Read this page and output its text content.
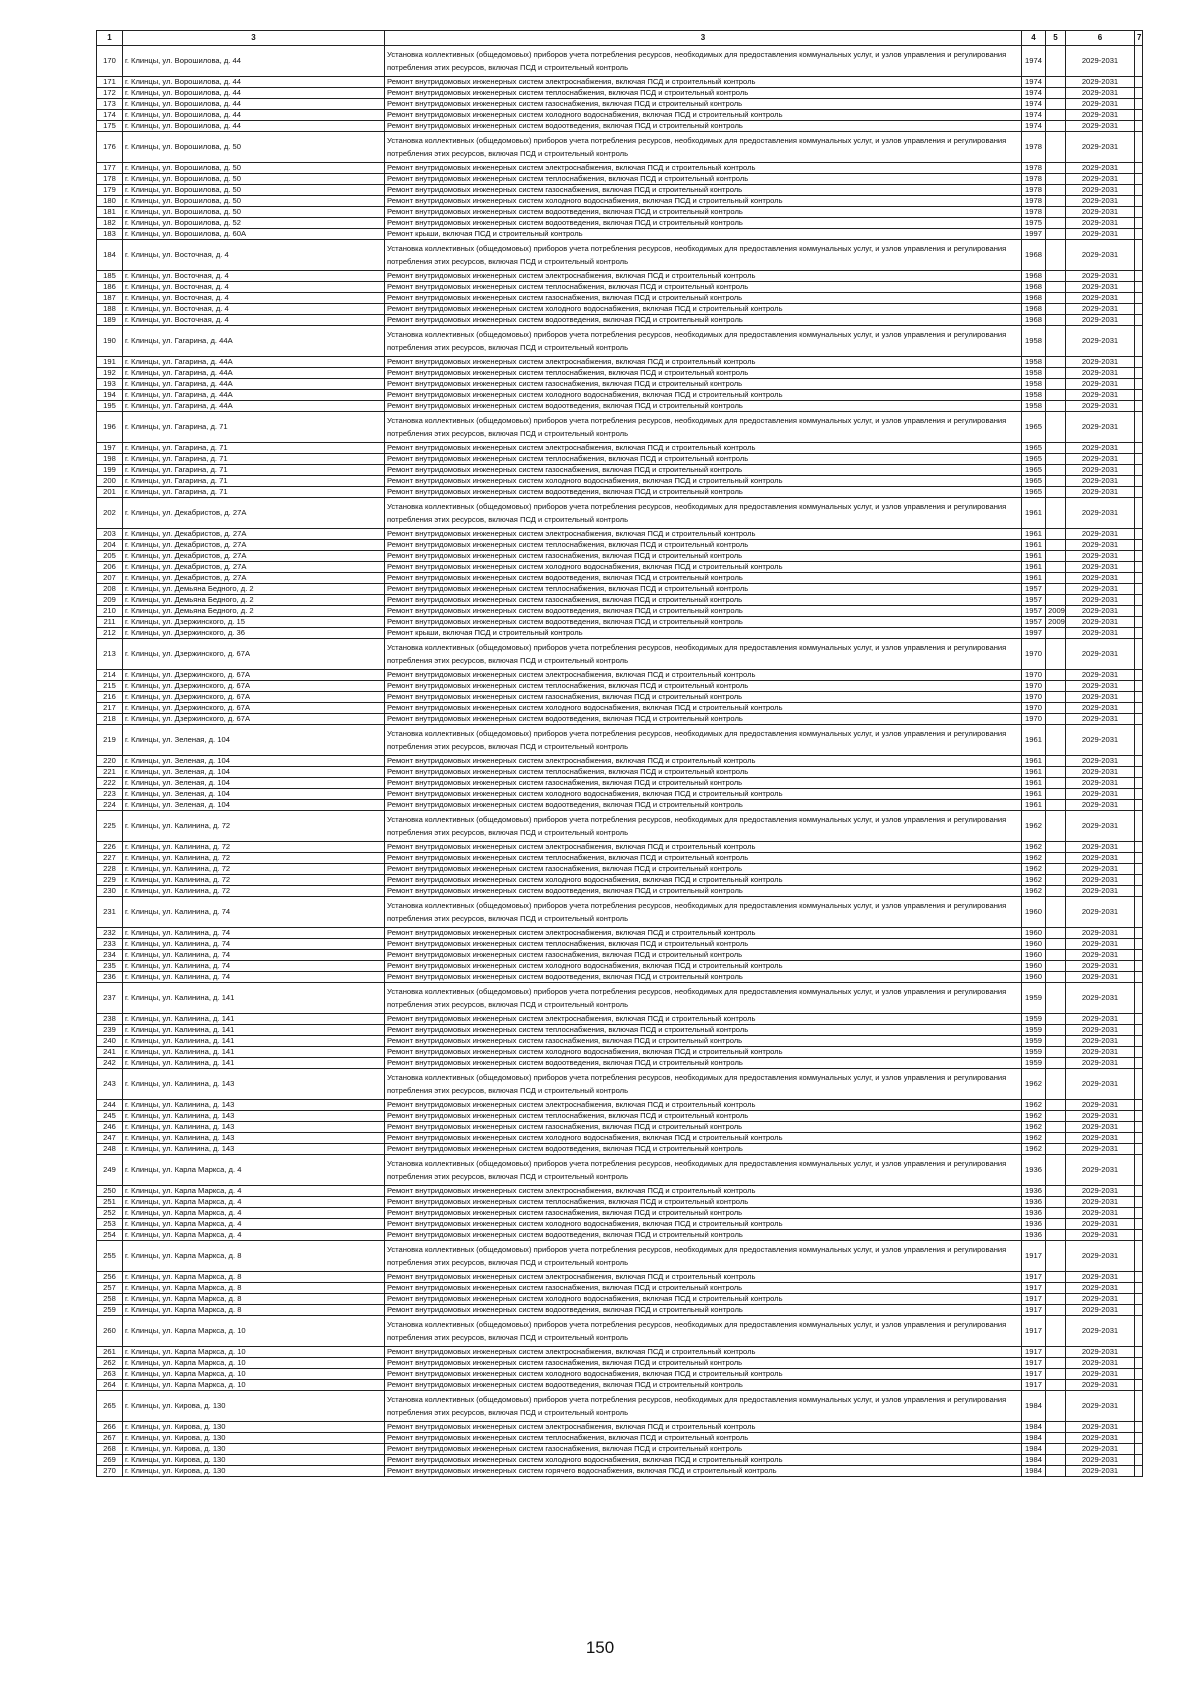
1	3	3	4	5	6	7
170	г. Клинцы, ул. Ворошилова, д. 44	Установка коллективных (общедомовых) приборов учета потребления ресурсов, необходимых для предоставления коммунальных услуг, и узлов управления и регулирования потребления этих ресурсов, включая ПСД и строительный контроль	1974		2029-2031	
171	г. Клинцы, ул. Ворошилова, д. 44	Ремонт внутридомовых инженерных систем электроснабжения, включая ПСД и строительный контроль	1974		2029-2031	
172	г. Клинцы, ул. Ворошилова, д. 44	Ремонт внутридомовых инженерных систем теплоснабжения, включая ПСД и строительный контроль	1974		2029-2031	
173	г. Клинцы, ул. Ворошилова, д. 44	Ремонт внутридомовых инженерных систем газоснабжения, включая ПСД и строительный контроль	1974		2029-2031	
174	г. Клинцы, ул. Ворошилова, д. 44	Ремонт внутридомовых инженерных систем холодного водоснабжения, включая ПСД и строительный контроль	1974		2029-2031	
175	г. Клинцы, ул. Ворошилова, д. 44	Ремонт внутридомовых инженерных систем водоотведения, включая ПСД и строительный контроль	1974		2029-2031	
176	г. Клинцы, ул. Ворошилова, д. 50	Установка коллективных (общедомовых) приборов учета потребления ресурсов, необходимых для предоставления коммунальных услуг, и узлов управления и регулирования потребления этих ресурсов, включая ПСД и строительный контроль	1978		2029-2031	
177	г. Клинцы, ул. Ворошилова, д. 50	Ремонт внутридомовых инженерных систем электроснабжения, включая ПСД и строительный контроль	1978		2029-2031	
178	г. Клинцы, ул. Ворошилова, д. 50	Ремонт внутридомовых инженерных систем теплоснабжения, включая ПСД и строительный контроль	1978		2029-2031	
179	г. Клинцы, ул. Ворошилова, д. 50	Ремонт внутридомовых инженерных систем газоснабжения, включая ПСД и строительный контроль	1978		2029-2031	
180	г. Клинцы, ул. Ворошилова, д. 50	Ремонт внутридомовых инженерных систем холодного водоснабжения, включая ПСД и строительный контроль	1978		2029-2031	
181	г. Клинцы, ул. Ворошилова, д. 50	Ремонт внутридомовых инженерных систем водоотведения, включая ПСД и строительный контроль	1978		2029-2031	
182	г. Клинцы, ул. Ворошилова, д. 52	Ремонт внутридомовых инженерных систем водоотведения, включая ПСД и строительный контроль	1975		2029-2031	
183	г. Клинцы, ул. Ворошилова, д. 60А	Ремонт крыши, включая ПСД и строительный контроль	1997		2029-2031	
184	г. Клинцы, ул. Восточная, д. 4	Установка коллективных (общедомовых) приборов учета потребления ресурсов, необходимых для предоставления коммунальных услуг, и узлов управления и регулирования потребления этих ресурсов, включая ПСД и строительный контроль	1968		2029-2031	
185	г. Клинцы, ул. Восточная, д. 4	Ремонт внутридомовых инженерных систем электроснабжения, включая ПСД и строительный контроль	1968		2029-2031	
186	г. Клинцы, ул. Восточная, д. 4	Ремонт внутридомовых инженерных систем теплоснабжения, включая ПСД и строительный контроль	1968		2029-2031	
187	г. Клинцы, ул. Восточная, д. 4	Ремонт внутридомовых инженерных систем газоснабжения, включая ПСД и строительный контроль	1968		2029-2031	
188	г. Клинцы, ул. Восточная, д. 4	Ремонт внутридомовых инженерных систем холодного водоснабжения, включая ПСД и строительный контроль	1968		2029-2031	
189	г. Клинцы, ул. Восточная, д. 4	Ремонт внутридомовых инженерных систем водоотведения, включая ПСД и строительный контроль	1968		2029-2031	
190	г. Клинцы, ул. Гагарина, д. 44А	Установка коллективных (общедомовых) приборов учета потребления ресурсов, необходимых для предоставления коммунальных услуг, и узлов управления и регулирования потребления этих ресурсов, включая ПСД и строительный контроль	1958		2029-2031	
191	г. Клинцы, ул. Гагарина, д. 44А	Ремонт внутридомовых инженерных систем электроснабжения, включая ПСД и строительный контроль	1958		2029-2031	
192	г. Клинцы, ул. Гагарина, д. 44А	Ремонт внутридомовых инженерных систем теплоснабжения, включая ПСД и строительный контроль	1958		2029-2031	
193	г. Клинцы, ул. Гагарина, д. 44А	Ремонт внутридомовых инженерных систем газоснабжения, включая ПСД и строительный контроль	1958		2029-2031	
194	г. Клинцы, ул. Гагарина, д. 44А	Ремонт внутридомовых инженерных систем холодного водоснабжения, включая ПСД и строительный контроль	1958		2029-2031	
195	г. Клинцы, ул. Гагарина, д. 44А	Ремонт внутридомовых инженерных систем водоотведения, включая ПСД и строительный контроль	1958		2029-2031	
196	г. Клинцы, ул. Гагарина, д. 71	Установка коллективных (общедомовых) приборов учета потребления ресурсов, необходимых для предоставления коммунальных услуг, и узлов управления и регулирования потребления этих ресурсов, включая ПСД и строительный контроль	1965		2029-2031	
197	г. Клинцы, ул. Гагарина, д. 71	Ремонт внутридомовых инженерных систем электроснабжения, включая ПСД и строительный контроль	1965		2029-2031	
198	г. Клинцы, ул. Гагарина, д. 71	Ремонт внутридомовых инженерных систем теплоснабжения, включая ПСД и строительный контроль	1965		2029-2031	
199	г. Клинцы, ул. Гагарина, д. 71	Ремонт внутридомовых инженерных систем газоснабжения, включая ПСД и строительный контроль	1965		2029-2031	
200	г. Клинцы, ул. Гагарина, д. 71	Ремонт внутридомовых инженерных систем холодного водоснабжения, включая ПСД и строительный контроль	1965		2029-2031	
201	г. Клинцы, ул. Гагарина, д. 71	Ремонт внутридомовых инженерных систем водоотведения, включая ПСД и строительный контроль	1965		2029-2031	
202	г. Клинцы, ул. Декабристов, д. 27А	Установка коллективных (общедомовых) приборов учета потребления ресурсов, необходимых для предоставления коммунальных услуг, и узлов управления и регулирования потребления этих ресурсов, включая ПСД и строительный контроль	1961		2029-2031	
203	г. Клинцы, ул. Декабристов, д. 27А	Ремонт внутридомовых инженерных систем электроснабжения, включая ПСД и строительный контроль	1961		2029-2031	
204	г. Клинцы, ул. Декабристов, д. 27А	Ремонт внутридомовых инженерных систем теплоснабжения, включая ПСД и строительный контроль	1961		2029-2031	
205	г. Клинцы, ул. Декабристов, д. 27А	Ремонт внутридомовых инженерных систем газоснабжения, включая ПСД и строительный контроль	1961		2029-2031	
206	г. Клинцы, ул. Декабристов, д. 27А	Ремонт внутридомовых инженерных систем холодного водоснабжения, включая ПСД и строительный контроль	1961		2029-2031	
207	г. Клинцы, ул. Декабристов, д. 27А	Ремонт внутридомовых инженерных систем водоотведения, включая ПСД и строительный контроль	1961		2029-2031	
208	г. Клинцы, ул. Демьяна Бедного, д. 2	Ремонт внутридомовых инженерных систем теплоснабжения, включая ПСД и строительный контроль	1957		2029-2031	
209	г. Клинцы, ул. Демьяна Бедного, д. 2	Ремонт внутридомовых инженерных систем газоснабжения, включая ПСД и строительный контроль	1957		2029-2031	
210	г. Клинцы, ул. Демьяна Бедного, д. 2	Ремонт внутридомовых инженерных систем водоотведения, включая ПСД и строительный контроль	1957	2009	2029-2031	
211	г. Клинцы, ул. Дзержинского, д. 15	Ремонт внутридомовых инженерных систем водоотведения, включая ПСД и строительный контроль	1957	2009	2029-2031	
212	г. Клинцы, ул. Дзержинского, д. 36	Ремонт крыши, включая ПСД и строительный контроль	1997		2029-2031	
213	г. Клинцы, ул. Дзержинского, д. 67А	Установка коллективных (общедомовых) приборов учета потребления ресурсов, необходимых для предоставления коммунальных услуг, и узлов управления и регулирования потребления этих ресурсов, включая ПСД и строительный контроль	1970		2029-2031	
214	г. Клинцы, ул. Дзержинского, д. 67А	Ремонт внутридомовых инженерных систем электроснабжения, включая ПСД и строительный контроль	1970		2029-2031	
215	г. Клинцы, ул. Дзержинского, д. 67А	Ремонт внутридомовых инженерных систем теплоснабжения, включая ПСД и строительный контроль	1970		2029-2031	
216	г. Клинцы, ул. Дзержинского, д. 67А	Ремонт внутридомовых инженерных систем газоснабжения, включая ПСД и строительный контроль	1970		2029-2031	
217	г. Клинцы, ул. Дзержинского, д. 67А	Ремонт внутридомовых инженерных систем холодного водоснабжения, включая ПСД и строительный контроль	1970		2029-2031	
218	г. Клинцы, ул. Дзержинского, д. 67А	Ремонт внутридомовых инженерных систем водоотведения, включая ПСД и строительный контроль	1970		2029-2031	
219	г. Клинцы, ул. Зеленая, д. 104	Установка коллективных (общедомовых) приборов учета потребления ресурсов, необходимых для предоставления коммунальных услуг, и узлов управления и регулирования потребления этих ресурсов, включая ПСД и строительный контроль	1961		2029-2031	
220	г. Клинцы, ул. Зеленая, д. 104	Ремонт внутридомовых инженерных систем электроснабжения, включая ПСД и строительный контроль	1961		2029-2031	
221	г. Клинцы, ул. Зеленая, д. 104	Ремонт внутридомовых инженерных систем теплоснабжения, включая ПСД и строительный контроль	1961		2029-2031	
222	г. Клинцы, ул. Зеленая, д. 104	Ремонт внутридомовых инженерных систем газоснабжения, включая ПСД и строительный контроль	1961		2029-2031	
223	г. Клинцы, ул. Зеленая, д. 104	Ремонт внутридомовых инженерных систем холодного водоснабжения, включая ПСД и строительный контроль	1961		2029-2031	
224	г. Клинцы, ул. Зеленая, д. 104	Ремонт внутридомовых инженерных систем водоотведения, включая ПСД и строительный контроль	1961		2029-2031	
225	г. Клинцы, ул. Калинина, д. 72	Установка коллективных (общедомовых) приборов учета потребления ресурсов, необходимых для предоставления коммунальных услуг, и узлов управления и регулирования потребления этих ресурсов, включая ПСД и строительный контроль	1962		2029-2031	
226	г. Клинцы, ул. Калинина, д. 72	Ремонт внутридомовых инженерных систем электроснабжения, включая ПСД и строительный контроль	1962		2029-2031	
227	г. Клинцы, ул. Калинина, д. 72	Ремонт внутридомовых инженерных систем теплоснабжения, включая ПСД и строительный контроль	1962		2029-2031	
228	г. Клинцы, ул. Калинина, д. 72	Ремонт внутридомовых инженерных систем газоснабжения, включая ПСД и строительный контроль	1962		2029-2031	
229	г. Клинцы, ул. Калинина, д. 72	Ремонт внутридомовых инженерных систем холодного водоснабжения, включая ПСД и строительный контроль	1962		2029-2031	
230	г. Клинцы, ул. Калинина, д. 72	Ремонт внутридомовых инженерных систем водоотведения, включая ПСД и строительный контроль	1962		2029-2031	
231	г. Клинцы, ул. Калинина, д. 74	Установка коллективных (общедомовых) приборов учета потребления ресурсов, необходимых для предоставления коммунальных услуг, и узлов управления и регулирования потребления этих ресурсов, включая ПСД и строительный контроль	1960		2029-2031	
232	г. Клинцы, ул. Калинина, д. 74	Ремонт внутридомовых инженерных систем электроснабжения, включая ПСД и строительный контроль	1960		2029-2031	
233	г. Клинцы, ул. Калинина, д. 74	Ремонт внутридомовых инженерных систем теплоснабжения, включая ПСД и строительный контроль	1960		2029-2031	
234	г. Клинцы, ул. Калинина, д. 74	Ремонт внутридомовых инженерных систем газоснабжения, включая ПСД и строительный контроль	1960		2029-2031	
235	г. Клинцы, ул. Калинина, д. 74	Ремонт внутридомовых инженерных систем холодного водоснабжения, включая ПСД и строительный контроль	1960		2029-2031	
236	г. Клинцы, ул. Калинина, д. 74	Ремонт внутридомовых инженерных систем водоотведения, включая ПСД и строительный контроль	1960		2029-2031	
237	г. Клинцы, ул. Калинина, д. 141	Установка коллективных (общедомовых) приборов учета потребления ресурсов, необходимых для предоставления коммунальных услуг, и узлов управления и регулирования потребления этих ресурсов, включая ПСД и строительный контроль	1959		2029-2031	
238	г. Клинцы, ул. Калинина, д. 141	Ремонт внутридомовых инженерных систем электроснабжения, включая ПСД и строительный контроль	1959		2029-2031	
239	г. Клинцы, ул. Калинина, д. 141	Ремонт внутридомовых инженерных систем теплоснабжения, включая ПСД и строительный контроль	1959		2029-2031	
240	г. Клинцы, ул. Калинина, д. 141	Ремонт внутридомовых инженерных систем газоснабжения, включая ПСД и строительный контроль	1959		2029-2031	
241	г. Клинцы, ул. Калинина, д. 141	Ремонт внутридомовых инженерных систем холодного водоснабжения, включая ПСД и строительный контроль	1959		2029-2031	
242	г. Клинцы, ул. Калинина, д. 141	Ремонт внутридомовых инженерных систем водоотведения, включая ПСД и строительный контроль	1959		2029-2031	
243	г. Клинцы, ул. Калинина, д. 143	Установка коллективных (общедомовых) приборов учета потребления ресурсов, необходимых для предоставления коммунальных услуг, и узлов управления и регулирования потребления этих ресурсов, включая ПСД и строительный контроль	1962		2029-2031	
244	г. Клинцы, ул. Калинина, д. 143	Ремонт внутридомовых инженерных систем электроснабжения, включая ПСД и строительный контроль	1962		2029-2031	
245	г. Клинцы, ул. Калинина, д. 143	Ремонт внутридомовых инженерных систем теплоснабжения, включая ПСД и строительный контроль	1962		2029-2031	
246	г. Клинцы, ул. Калинина, д. 143	Ремонт внутридомовых инженерных систем газоснабжения, включая ПСД и строительный контроль	1962		2029-2031	
247	г. Клинцы, ул. Калинина, д. 143	Ремонт внутридомовых инженерных систем холодного водоснабжения, включая ПСД и строительный контроль	1962		2029-2031	
248	г. Клинцы, ул. Калинина, д. 143	Ремонт внутридомовых инженерных систем водоотведения, включая ПСД и строительный контроль	1962		2029-2031	
249	г. Клинцы, ул. Карла Маркса, д. 4	Установка коллективных (общедомовых) приборов учета потребления ресурсов, необходимых для предоставления коммунальных услуг, и узлов управления и регулирования потребления этих ресурсов, включая ПСД и строительный контроль	1936		2029-2031	
250	г. Клинцы, ул. Карла Маркса, д. 4	Ремонт внутридомовых инженерных систем электроснабжения, включая ПСД и строительный контроль	1936		2029-2031	
251	г. Клинцы, ул. Карла Маркса, д. 4	Ремонт внутридомовых инженерных систем теплоснабжения, включая ПСД и строительный контроль	1936		2029-2031	
252	г. Клинцы, ул. Карла Маркса, д. 4	Ремонт внутридомовых инженерных систем газоснабжения, включая ПСД и строительный контроль	1936		2029-2031	
253	г. Клинцы, ул. Карла Маркса, д. 4	Ремонт внутридомовых инженерных систем холодного водоснабжения, включая ПСД и строительный контроль	1936		2029-2031	
254	г. Клинцы, ул. Карла Маркса, д. 4	Ремонт внутридомовых инженерных систем водоотведения, включая ПСД и строительный контроль	1936		2029-2031	
255	г. Клинцы, ул. Карла Маркса, д. 8	Установка коллективных (общедомовых) приборов учета потребления ресурсов, необходимых для предоставления коммунальных услуг, и узлов управления и регулирования потребления этих ресурсов, включая ПСД и строительный контроль	1917		2029-2031	
256	г. Клинцы, ул. Карла Маркса, д. 8	Ремонт внутридомовых инженерных систем электроснабжения, включая ПСД и строительный контроль	1917		2029-2031	
257	г. Клинцы, ул. Карла Маркса, д. 8	Ремонт внутридомовых инженерных систем газоснабжения, включая ПСД и строительный контроль	1917		2029-2031	
258	г. Клинцы, ул. Карла Маркса, д. 8	Ремонт внутридомовых инженерных систем холодного водоснабжения, включая ПСД и строительный контроль	1917		2029-2031	
259	г. Клинцы, ул. Карла Маркса, д. 8	Ремонт внутридомовых инженерных систем водоотведения, включая ПСД и строительный контроль	1917		2029-2031	
260	г. Клинцы, ул. Карла Маркса, д. 10	Установка коллективных (общедомовых) приборов учета потребления ресурсов, необходимых для предоставления коммунальных услуг, и узлов управления и регулирования потребления этих ресурсов, включая ПСД и строительный контроль	1917		2029-2031	
261	г. Клинцы, ул. Карла Маркса, д. 10	Ремонт внутридомовых инженерных систем электроснабжения, включая ПСД и строительный контроль	1917		2029-2031	
262	г. Клинцы, ул. Карла Маркса, д. 10	Ремонт внутридомовых инженерных систем газоснабжения, включая ПСД и строительный контроль	1917		2029-2031	
263	г. Клинцы, ул. Карла Маркса, д. 10	Ремонт внутридомовых инженерных систем холодного водоснабжения, включая ПСД и строительный контроль	1917		2029-2031	
264	г. Клинцы, ул. Карла Маркса, д. 10	Ремонт внутридомовых инженерных систем водоотведения, включая ПСД и строительный контроль	1917		2029-2031	
265	г. Клинцы, ул. Кирова, д. 130	Установка коллективных (общедомовых) приборов учета потребления ресурсов, необходимых для предоставления коммунальных услуг, и узлов управления и регулирования потребления этих ресурсов, включая ПСД и строительный контроль	1984		2029-2031	
266	г. Клинцы, ул. Кирова, д. 130	Ремонт внутридомовых инженерных систем электроснабжения, включая ПСД и строительный контроль	1984		2029-2031	
267	г. Клинцы, ул. Кирова, д. 130	Ремонт внутридомовых инженерных систем теплоснабжения, включая ПСД и строительный контроль	1984		2029-2031	
268	г. Клинцы, ул. Кирова, д. 130	Ремонт внутридомовых инженерных систем газоснабжения, включая ПСД и строительный контроль	1984		2029-2031	
269	г. Клинцы, ул. Кирова, д. 130	Ремонт внутридомовых инженерных систем холодного водоснабжения, включая ПСД и строительный контроль	1984		2029-2031	
270	г. Клинцы, ул. Кирова, д. 130	Ремонт внутридомовых инженерных систем горячего водоснабжения, включая ПСД и строительный контроль	1984		2029-2031	
150
